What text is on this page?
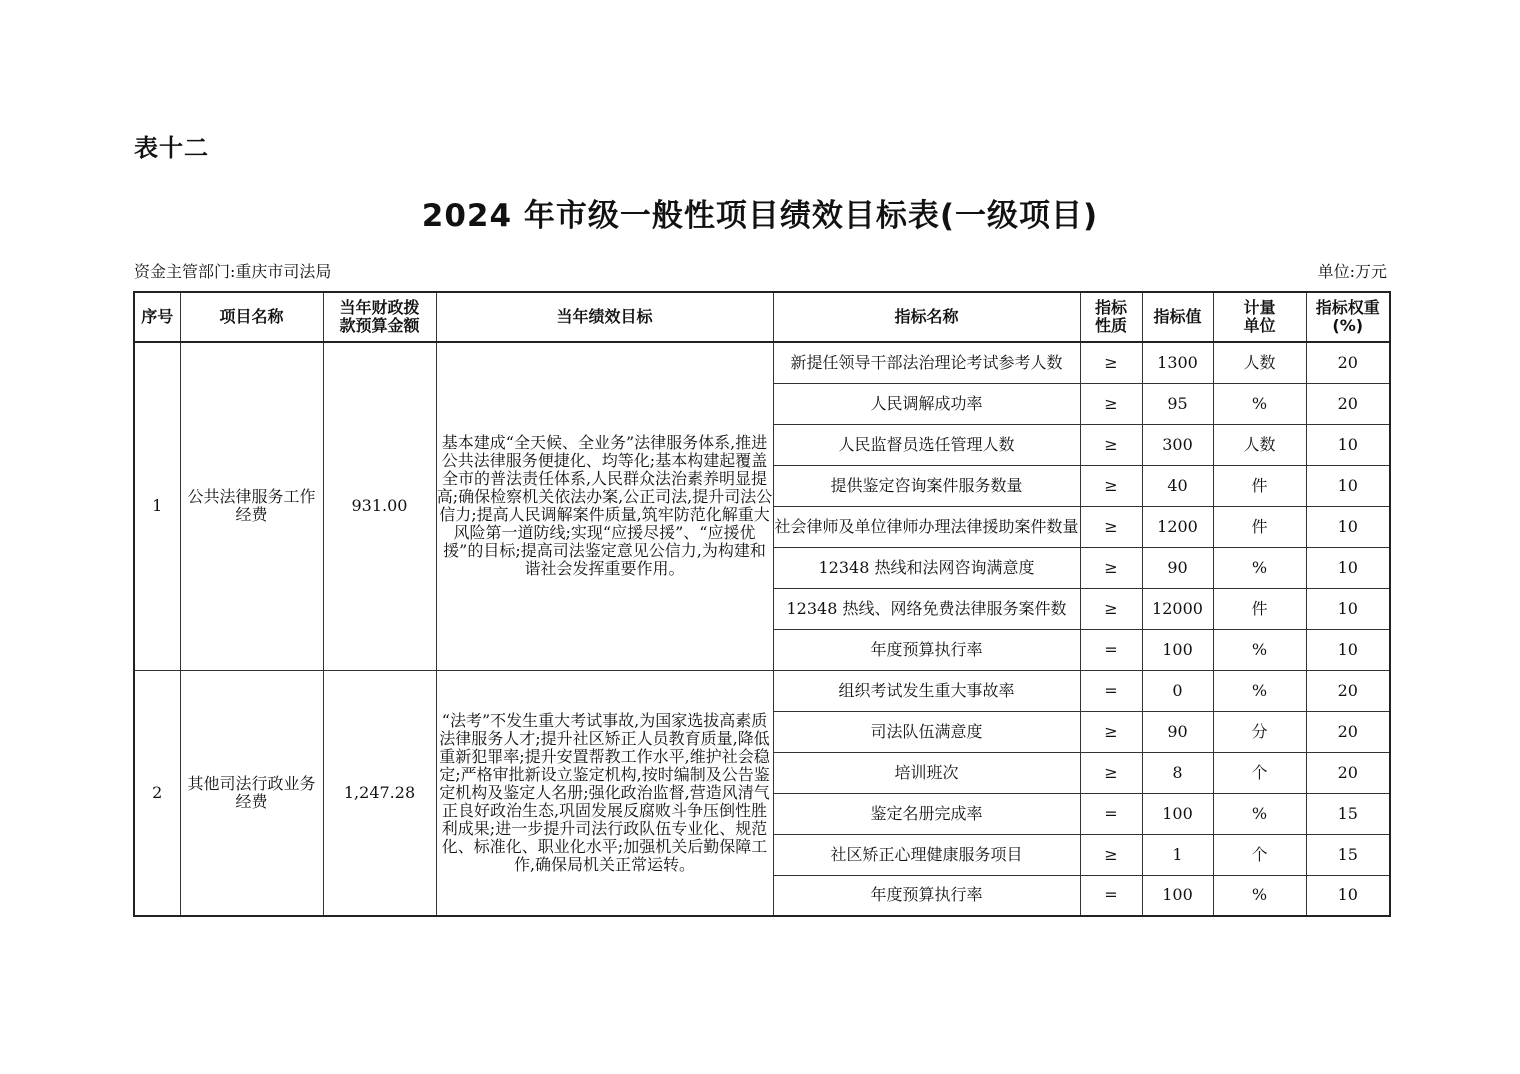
表十二
2024 年市级一般性项目绩效目标表(一级项目)
资金主管部门:重庆市司法局	单位:万元
序号	项目名称	当年财政拨款预算金额	当年绩效目标	指标名称	指标性质	指标值	计量单位	指标权重(%)
1	公共法律服务工作经费	931.00	基本建成“全天候、全业务”法律服务体系,推进公共法律服务便捷化、均等化;基本构建起覆盖全市的普法责任体系,人民群众法治素养明显提高;确保检察机关依法办案,公正司法,提升司法公信力;提高人民调解案件质量,筑牢防范化解重大风险第一道防线;实现“应援尽援”、“应援优援”的目标;提高司法鉴定意见公信力,为构建和谐社会发挥重要作用。	新提任领导干部法治理论考试参考人数	≥	1300	人数	20
				人民调解成功率	≥	95	%	20
				人民监督员选任管理人数	≥	300	人数	10
				提供鉴定咨询案件服务数量	≥	40	件	10
				社会律师及单位律师办理法律援助案件数量	≥	1200	件	10
				12348 热线和法网咨询满意度	≥	90	%	10
				12348 热线、网络免费法律服务案件数	≥	12000	件	10
				年度预算执行率	=	100	%	10
2	其他司法行政业务经费	1,247.28	“法考”不发生重大考试事故,为国家选拔高素质法律服务人才;提升社区矫正人员教育质量,降低重新犯罪率;提升安置帮教工作水平,维护社会稳定;严格审批新设立鉴定机构,按时编制及公告鉴定机构及鉴定人名册;强化政治监督,营造风清气正良好政治生态,巩固发展反腐败斗争压倒性胜利成果;进一步提升司法行政队伍专业化、规范化、标准化、职业化水平;加强机关后勤保障工作,确保局机关正常运转。	组织考试发生重大事故率	=	0	%	20
				司法队伍满意度	≥	90	分	20
				培训班次	≥	8	个	20
				鉴定名册完成率	=	100	%	15
				社区矫正心理健康服务项目	≥	1	个	15
				年度预算执行率	=	100	%	10
